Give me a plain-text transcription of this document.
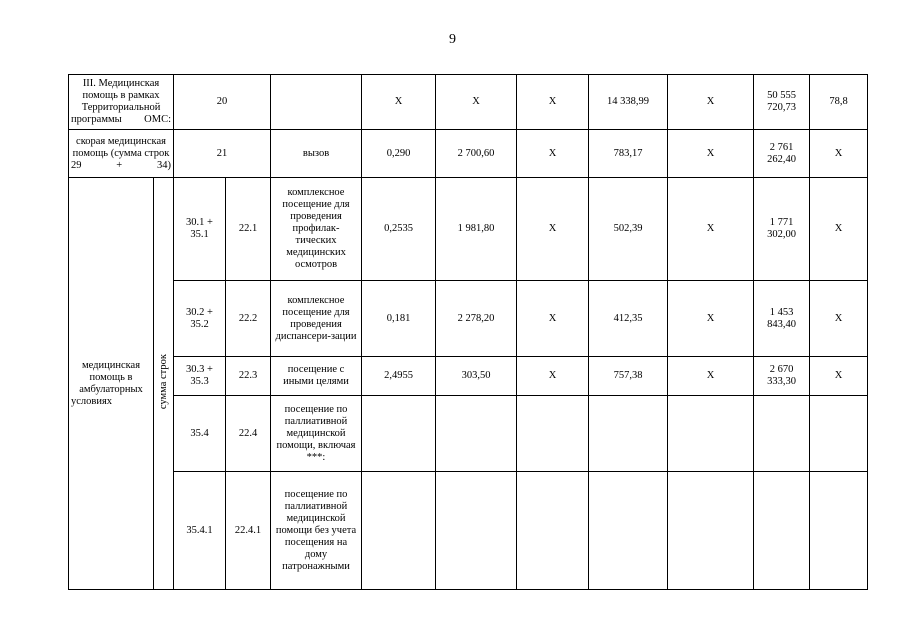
9
III. Медицинская помощь в рамках Территориальной программы ОМС:		20			X	X	X	14 338,99	X	50 555 720,73	78,8
скорая медицинская помощь (сумма строк 29 + 34)		21		вызов	0,290	2 700,60	X	783,17	X	2 761 262,40	X
медицинская помощь в амбулаторных условиях	сумма строк	30.1 + 35.1	22.1	комплексное посещение для проведения профилак-тических медицинских осмотров	0,2535	1 981,80	X	502,39	X	1 771 302,00	X
		30.2 + 35.2	22.2	комплексное посещение для проведения диспансери-зации	0,181	2 278,20	X	412,35	X	1 453 843,40	X
		30.3 + 35.3	22.3	посещение с иными целями	2,4955	303,50	X	757,38	X	2 670 333,30	X
		35.4	22.4	посещение по паллиативной медицинской помощи, включая ***:							
		35.4.1	22.4.1	посещение по паллиативной медицинской помощи без учета посещения на дому патронажными							
